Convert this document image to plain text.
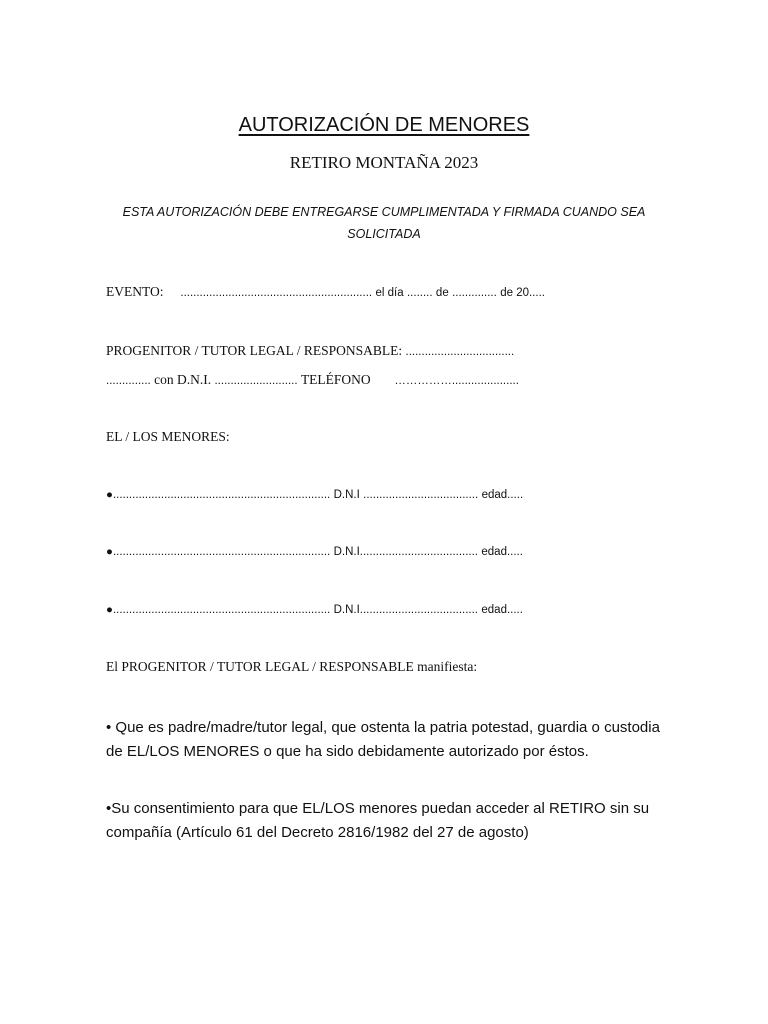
AUTORIZACIÓN DE MENORES
RETIRO MONTAÑA 2023
ESTA AUTORIZACIÓN DEBE ENTREGARSE CUMPLIMENTADA Y FIRMADA CUANDO SEA
SOLICITADA
EVENTO: ............................................................ el día ........ de .............. de 20.....
PROGENITOR / TUTOR LEGAL / RESPONSABLE: ..................................
.............. con D.N.I. .......................... TELÉFONO …………….....................
EL / LOS MENORES:
●.................................................................... D.N.I .................................... edad.....
●.................................................................... D.N.I..................................... edad.....
●.................................................................... D.N.I..................................... edad.....
El PROGENITOR / TUTOR LEGAL / RESPONSABLE manifiesta:
• Que es padre/madre/tutor legal, que ostenta la patria potestad, guardia o custodia de EL/LOS MENORES o que ha sido debidamente autorizado por éstos.
•Su consentimiento para que EL/LOS menores puedan acceder al RETIRO sin su compañía (Artículo 61 del Decreto 2816/1982 del 27 de agosto)
